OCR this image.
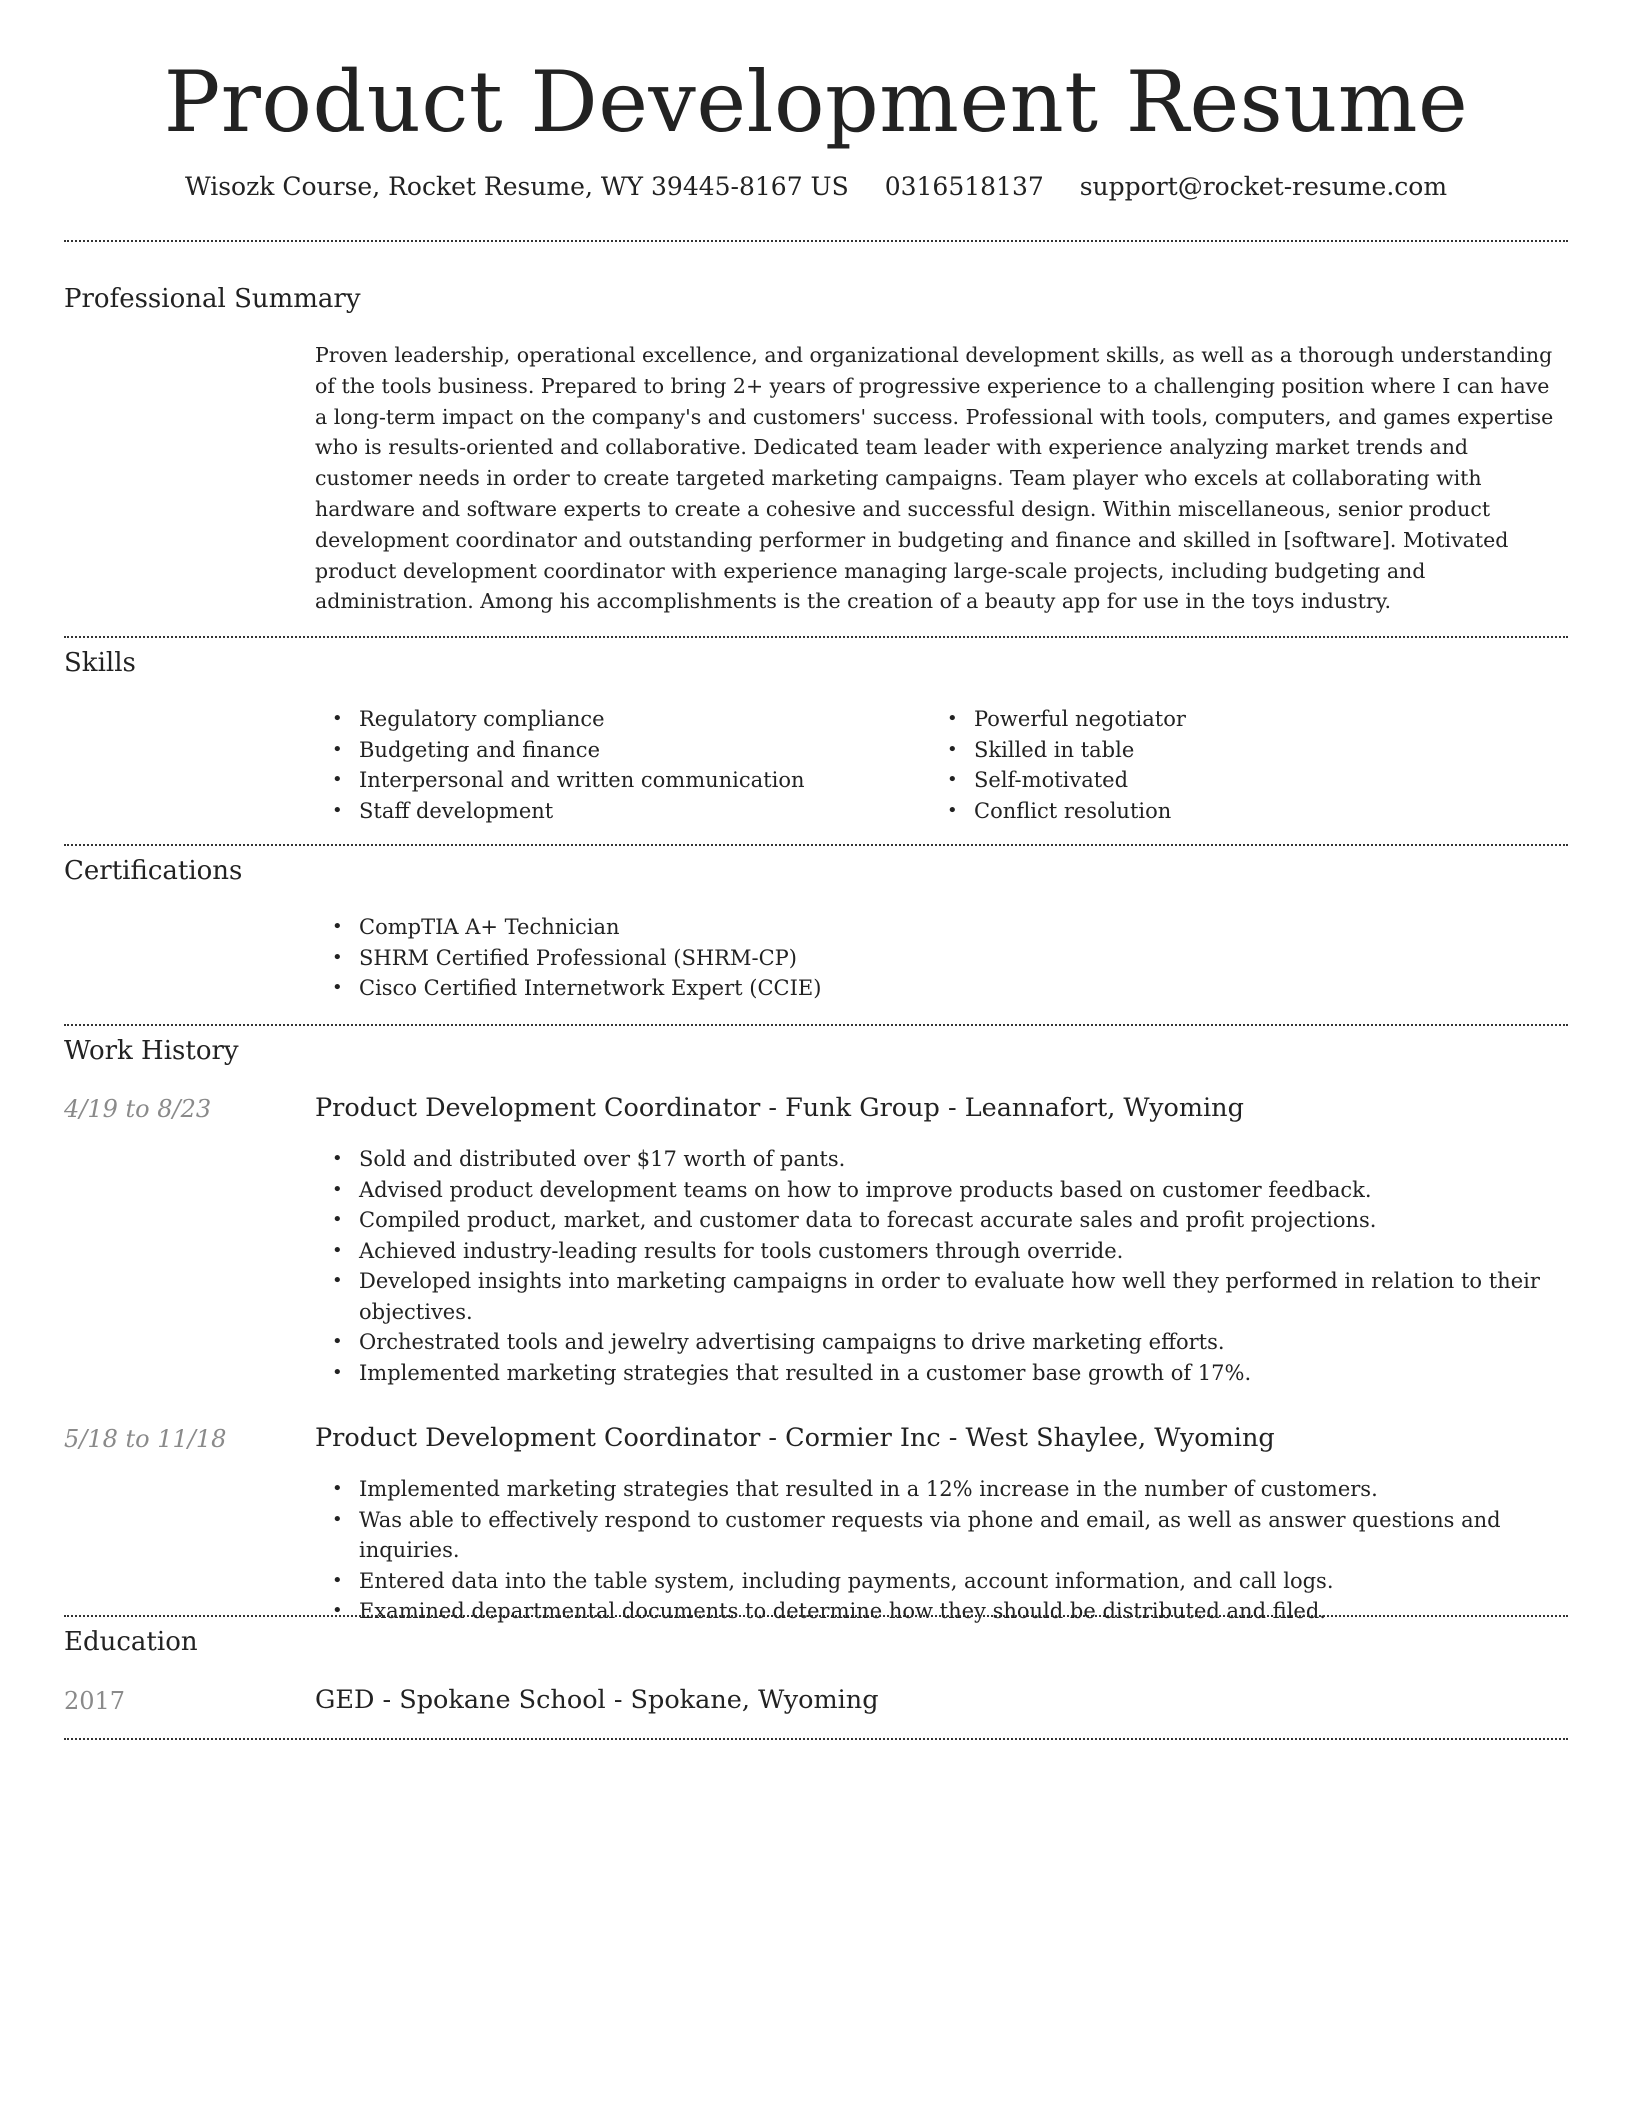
Product Development Resume
Wisozk Course, Rocket Resume, WY 39445-8167 US 0316518137 support@rocket-resume.com
Professional Summary

Proven leadership, operational excellence, and organizational development skills, as well as a thorough understanding of the tools business. Prepared to bring 2+ years of progressive experience to a challenging position where I can have a long-term impact on the company's and customers' success. Professional with tools, computers, and games expertise who is results-oriented and collaborative. Dedicated team leader with experience analyzing market trends and customer needs in order to create targeted marketing campaigns. Team player who excels at collaborating with hardware and software experts to create a cohesive and successful design. Within miscellaneous, senior product development coordinator and outstanding performer in budgeting and finance and skilled in [software]. Motivated product development coordinator with experience managing large-scale projects, including budgeting and administration. Among his accomplishments is the creation of a beauty app for use in the toys industry.

Skills
• Regulatory compliance
• Budgeting and finance
• Interpersonal and written communication
• Staff development
• Powerful negotiator
• Skilled in table
• Self-motivated
• Conflict resolution
Certifications
• CompTIA A+ Technician
• SHRM Certified Professional (SHRM-CP)
• Cisco Certified Internetwork Expert (CCIE)
Work History
4/19 to 8/23	Product Development Coordinator - Funk Group - Leannafort, Wyoming
• Sold and distributed over $17 worth of pants.
• Advised product development teams on how to improve products based on customer feedback.
• Compiled product, market, and customer data to forecast accurate sales and profit projections.
• Achieved industry-leading results for tools customers through override.
• Developed insights into marketing campaigns in order to evaluate how well they performed in relation to their objectives.
• Orchestrated tools and jewelry advertising campaigns to drive marketing efforts.
• Implemented marketing strategies that resulted in a customer base growth of 17%.
5/18 to 11/18	Product Development Coordinator - Cormier Inc - West Shaylee, Wyoming
• Implemented marketing strategies that resulted in a 12% increase in the number of customers.
• Was able to effectively respond to customer requests via phone and email, as well as answer questions and inquiries.
• Entered data into the table system, including payments, account information, and call logs.
• Examined departmental documents to determine how they should be distributed and filed.
Education
2017	GED - Spokane School - Spokane, Wyoming
